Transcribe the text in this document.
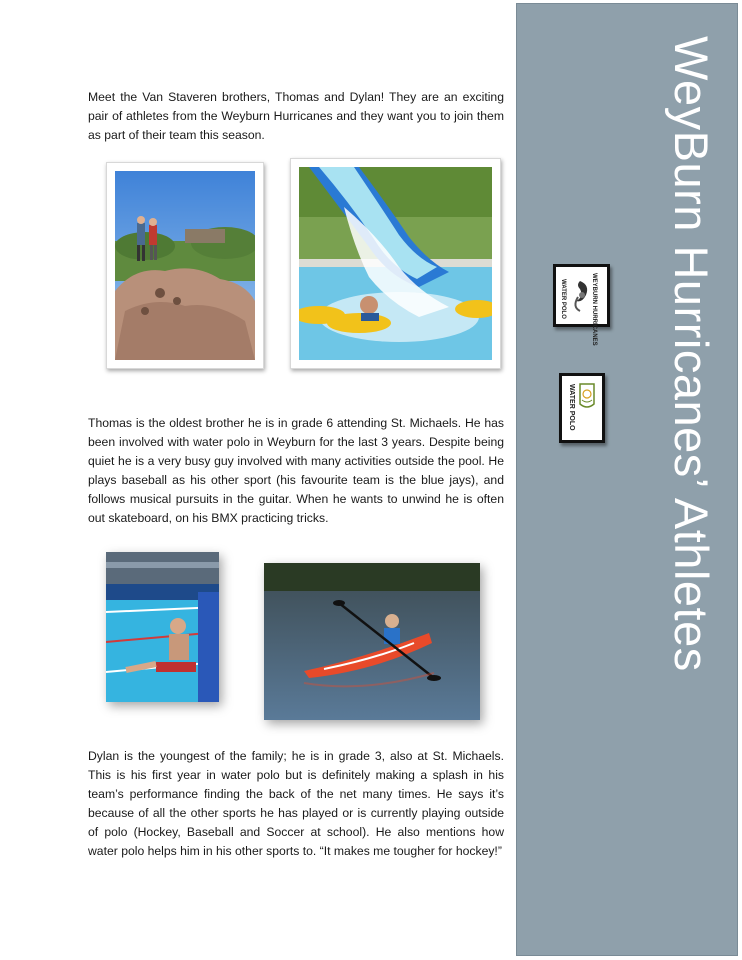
Meet the Van Staveren brothers, Thomas and Dylan! They are an exciting pair of athletes from the Weyburn Hurricanes and they want you to join them as part of their team this season.

Thomas is the oldest brother he is in grade 6 attending St. Michaels. He has been involved with water polo in Weyburn for the last 3 years. Despite being quiet he is a very busy guy involved with many activities outside the pool. He plays baseball as his other sport (his favourite team is the blue jays), and follows musical pursuits in the guitar. When he wants to unwind he is often out skateboard, on his BMX practicing tricks.

Dylan is the youngest of the family; he is in grade 3, also at St. Michaels. This is his first year in water polo but is definitely making a splash in his team’s performance finding the back of the net many times. He says it’s because of all the other sports he has played or is currently playing outside of polo (Hockey, Baseball and Soccer at school). He also mentions how water polo helps him in his other sports to. “It makes me tougher for hockey!”

WeyBurn Hurricanes’ Athletes
WEYBURN HURRICANES
WATER POLO
WATER POLO
